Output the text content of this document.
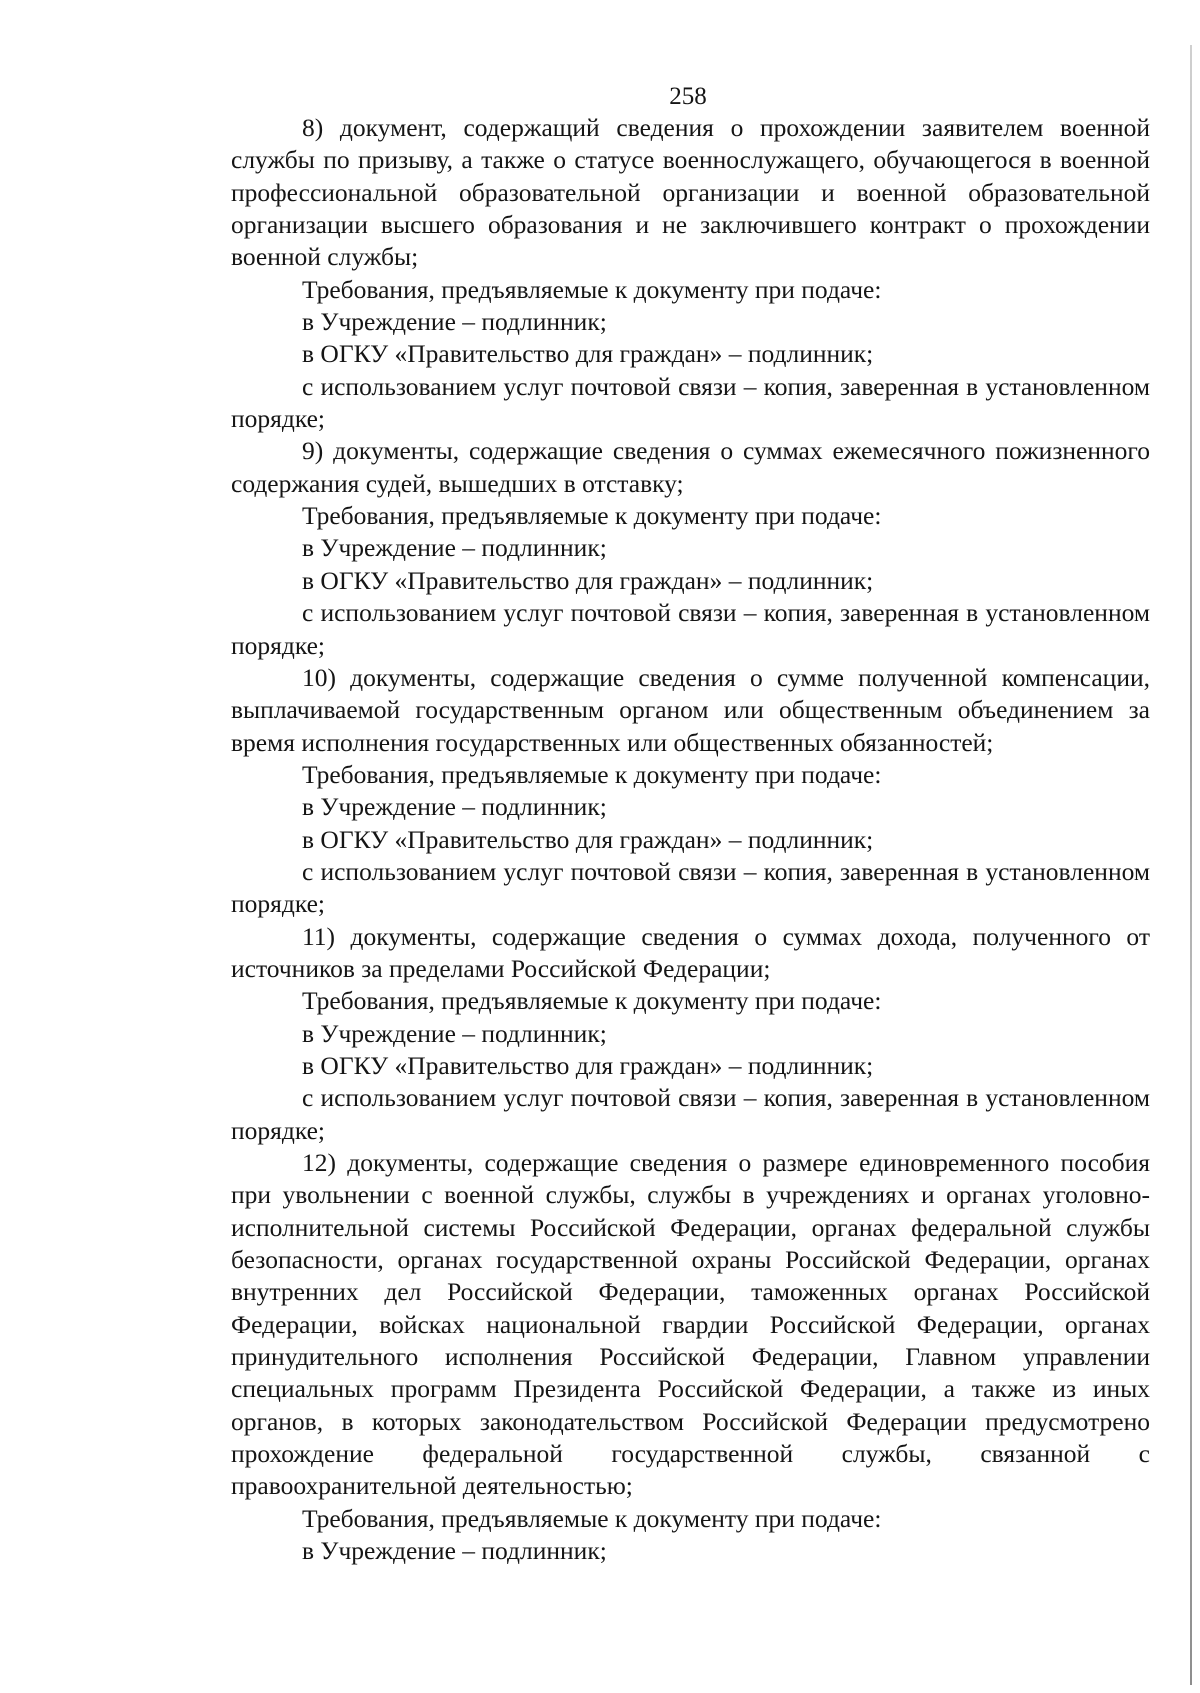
258

8) документ, содержащий сведения о прохождении заявителем военной службы по призыву, а также о статусе военнослужащего, обучающегося в военной профессиональной образовательной организации и военной образовательной организации высшего образования и не заключившего контракт о прохождении военной службы;

Требования, предъявляемые к документу при подаче:

в Учреждение – подлинник;

в ОГКУ «Правительство для граждан» – подлинник;

с использованием услуг почтовой связи – копия, заверенная в установленном порядке;

9) документы, содержащие сведения о суммах ежемесячного пожизненного содержания судей, вышедших в отставку;

Требования, предъявляемые к документу при подаче:

в Учреждение – подлинник;

в ОГКУ «Правительство для граждан» – подлинник;

с использованием услуг почтовой связи – копия, заверенная в установленном порядке;

10) документы, содержащие сведения о сумме полученной компенсации, выплачиваемой государственным органом или общественным объединением за время исполнения государственных или общественных обязанностей;

Требования, предъявляемые к документу при подаче:

в Учреждение – подлинник;

в ОГКУ «Правительство для граждан» – подлинник;

с использованием услуг почтовой связи – копия, заверенная в установленном порядке;

11) документы, содержащие сведения о суммах дохода, полученного от источников за пределами Российской Федерации;

Требования, предъявляемые к документу при подаче:

в Учреждение – подлинник;

в ОГКУ «Правительство для граждан» – подлинник;

с использованием услуг почтовой связи – копия, заверенная в установленном порядке;

12) документы, содержащие сведения о размере единовременного пособия при увольнении с военной службы, службы в учреждениях и органах уголовно-исполнительной системы Российской Федерации, органах федеральной службы безопасности, органах государственной охраны Российской Федерации, органах внутренних дел Российской Федерации, таможенных органах Российской Федерации, войсках национальной гвардии Российской Федерации, органах принудительного исполнения Российской Федерации, Главном управлении специальных программ Президента Российской Федерации, а также из иных органов, в которых законодательством Российской Федерации предусмотрено прохождение федеральной государственной службы, связанной с правоохранительной деятельностью;

Требования, предъявляемые к документу при подаче:

в Учреждение – подлинник;
